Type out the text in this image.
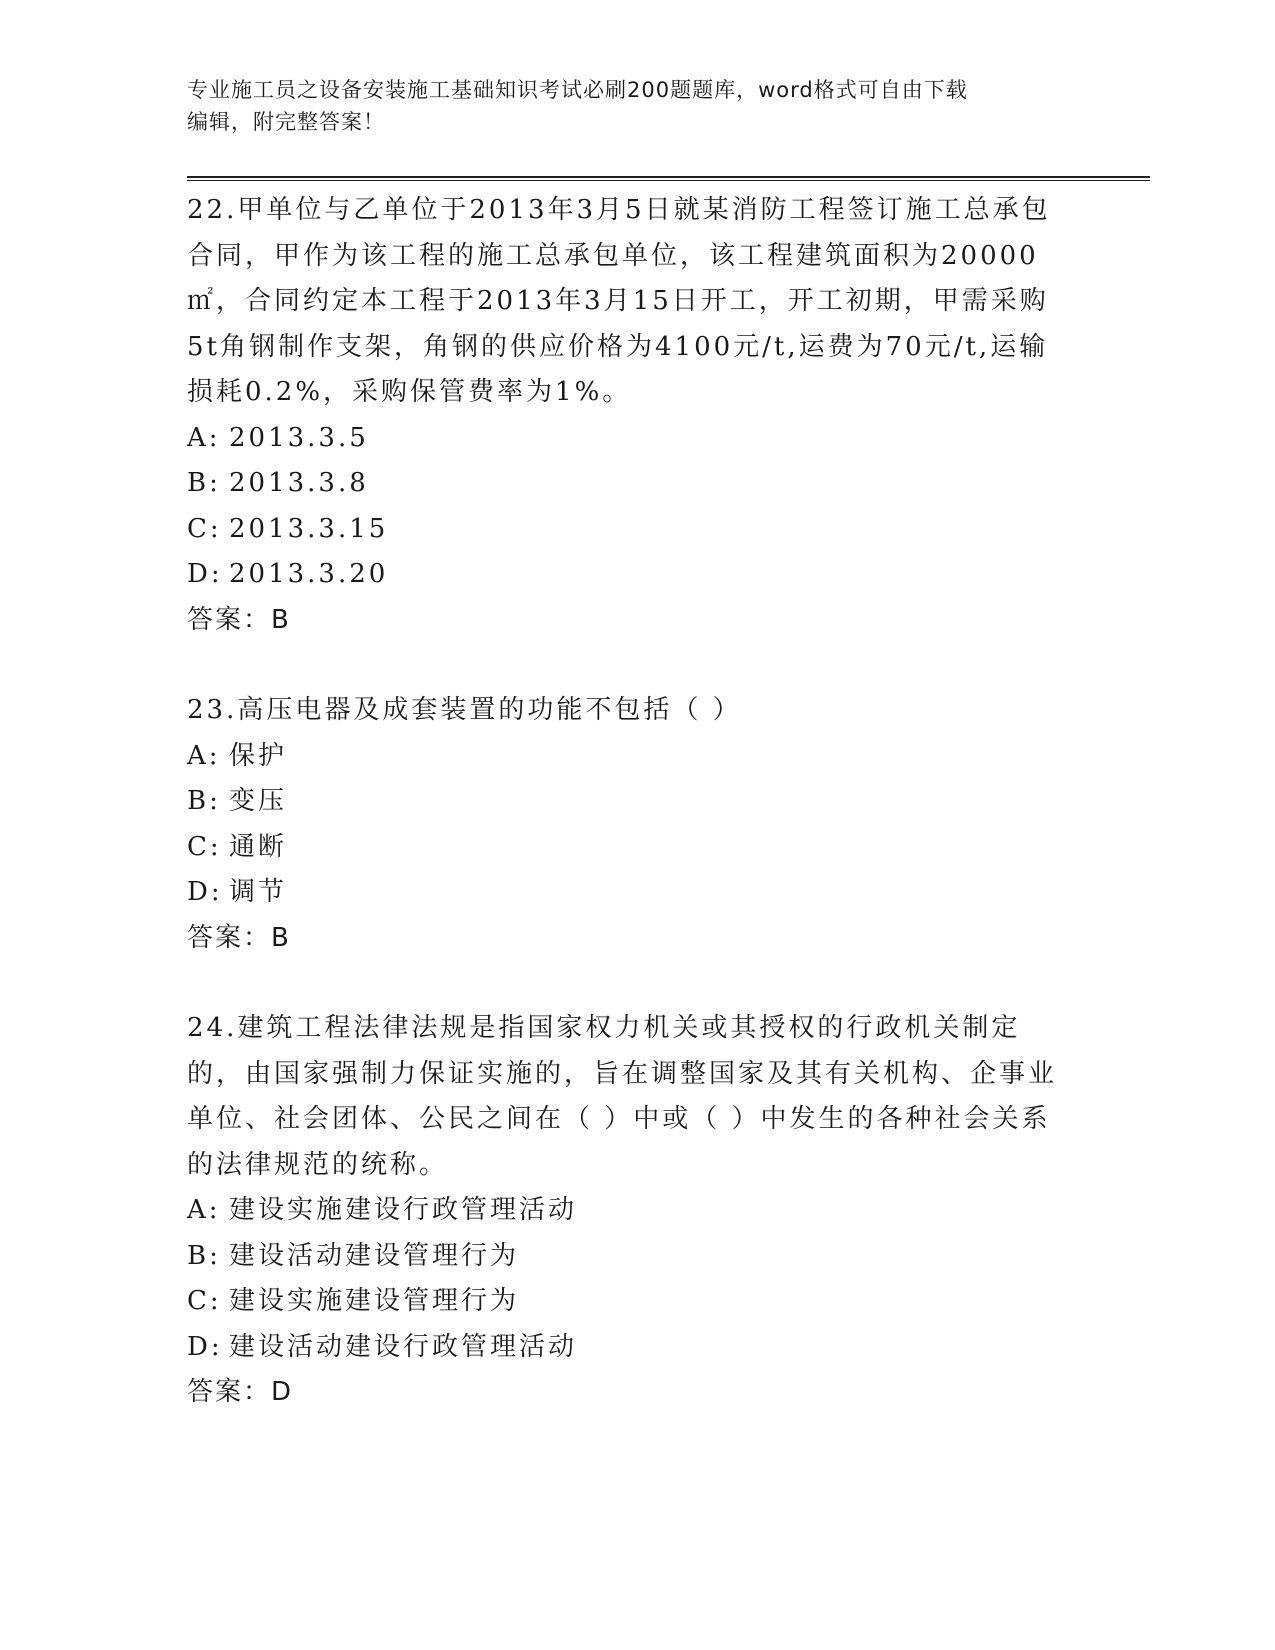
专业施工员之设备安装施工基础知识考试必刷200题题库，word格式可自由下载
编辑，附完整答案！
22.甲单位与乙单位于2013年3月5日就某消防工程签订施工总承包合同，甲作为该工程的施工总承包单位，该工程建筑面积为20000㎡，合同约定本工程于2013年3月15日开工，开工初期，甲需采购5t角钢制作支架，角钢的供应价格为4100元/t,运费为70元/t,运输损耗0.2%，采购保管费率为1%。
A: 2013.3.5
B: 2013.3.8
C: 2013.3.15
D: 2013.3.20
答案：B
23.高压电器及成套装置的功能不包括（ ）
A: 保护
B: 变压
C: 通断
D: 调节
答案：B
24.建筑工程法律法规是指国家权力机关或其授权的行政机关制定的，由国家强制力保证实施的，旨在调整国家及其有关机构、企事业单位、社会团体、公民之间在（ ）中或（ ）中发生的各种社会关系的法律规范的统称。
A: 建设实施建设行政管理活动
B: 建设活动建设管理行为
C: 建设实施建设管理行为
D: 建设活动建设行政管理活动
答案：D
